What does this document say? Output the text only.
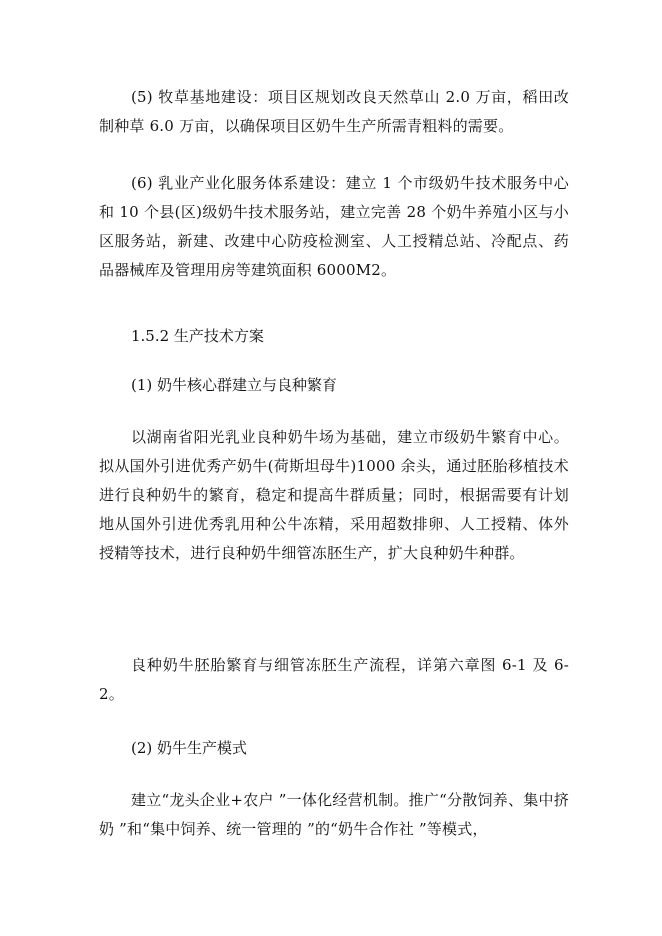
(5) 牧草基地建设：项目区规划改良天然草山 2.0 万亩，稻田改制种草 6.0 万亩，以确保项目区奶牛生产所需青粗料的需要。

(6) 乳业产业化服务体系建设：建立 1 个市级奶牛技术服务中心和 10 个县(区)级奶牛技术服务站，建立完善 28 个奶牛养殖小区与小区服务站，新建、改建中心防疫检测室、人工授精总站、冷配点、药品器械库及管理用房等建筑面积 6000M2。

1.5.2 生产技术方案

(1) 奶牛核心群建立与良种繁育

以湖南省阳光乳业良种奶牛场为基础，建立市级奶牛繁育中心。拟从国外引进优秀产奶牛(荷斯坦母牛)1000 余头，通过胚胎移植技术进行良种奶牛的繁育，稳定和提高牛群质量；同时，根据需要有计划地从国外引进优秀乳用种公牛冻精，采用超数排卵、人工授精、体外授精等技术，进行良种奶牛细管冻胚生产，扩大良种奶牛种群。

良种奶牛胚胎繁育与细管冻胚生产流程，详第六章图 6-1 及 6-2。

(2) 奶牛生产模式

建立“龙头企业+农户 ”一体化经营机制。推广“分散饲养、集中挤奶 ”和“集中饲养、统一管理的 ”的“奶牛合作社 ”等模式，
